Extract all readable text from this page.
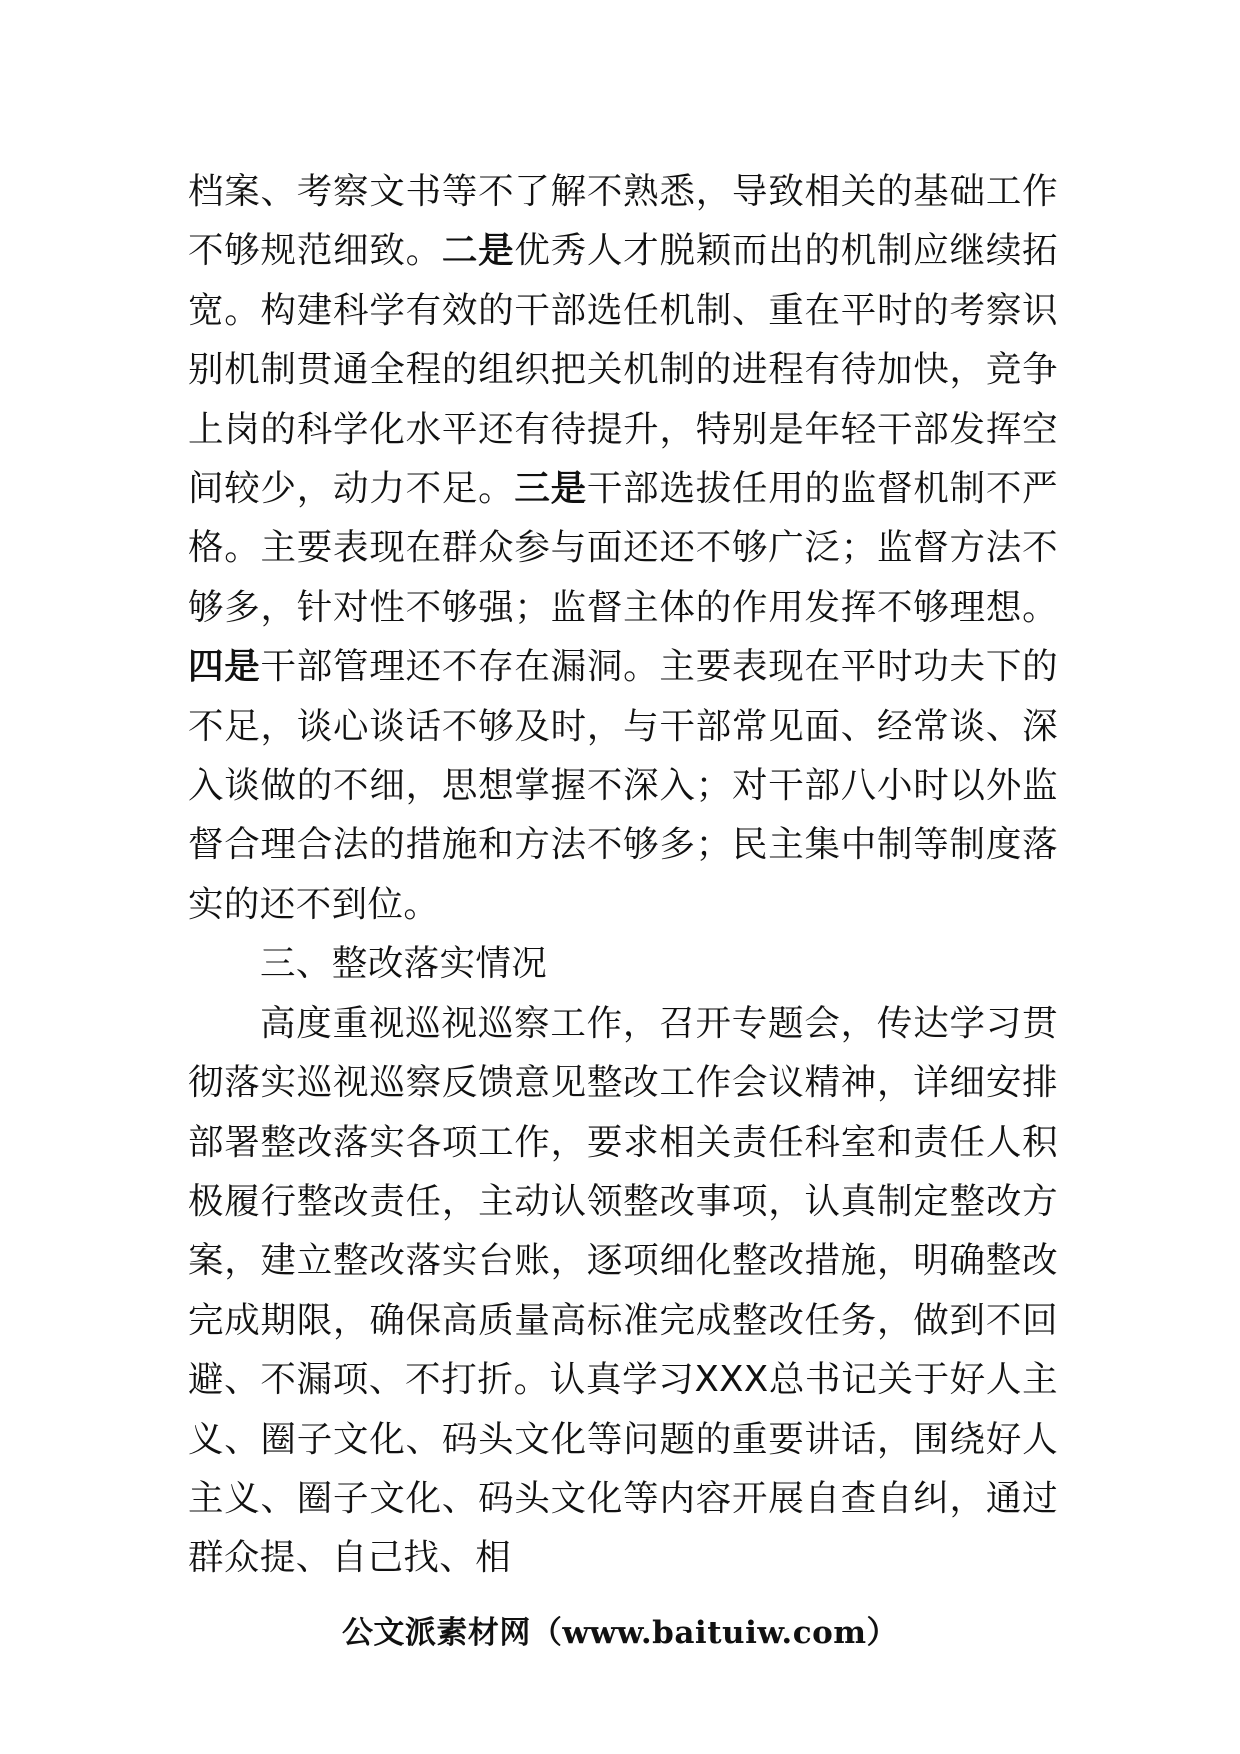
档案、考察文书等不了解不熟悉，导致相关的基础工作不够规范细致。二是优秀人才脱颖而出的机制应继续拓宽。构建科学有效的干部选任机制、重在平时的考察识别机制贯通全程的组织把关机制的进程有待加快，竞争上岗的科学化水平还有待提升，特别是年轻干部发挥空间较少，动力不足。三是干部选拔任用的监督机制不严格。主要表现在群众参与面还还不够广泛；监督方法不够多，针对性不够强；监督主体的作用发挥不够理想。四是干部管理还不存在漏洞。主要表现在平时功夫下的不足，谈心谈话不够及时，与干部常见面、经常谈、深入谈做的不细，思想掌握不深入；对干部八小时以外监督合理合法的措施和方法不够多；民主集中制等制度落实的还不到位。

三、整改落实情况

高度重视巡视巡察工作，召开专题会，传达学习贯彻落实巡视巡察反馈意见整改工作会议精神，详细安排部署整改落实各项工作，要求相关责任科室和责任人积极履行整改责任，主动认领整改事项，认真制定整改方案，建立整改落实台账，逐项细化整改措施，明确整改完成期限，确保高质量高标准完成整改任务，做到不回避、不漏项、不打折。认真学习XXX总书记关于好人主义、圈子文化、码头文化等问题的重要讲话，围绕好人主义、圈子文化、码头文化等内容开展自查自纠，通过群众提、自己找、相

公文派素材网（www.baituiw.com）
